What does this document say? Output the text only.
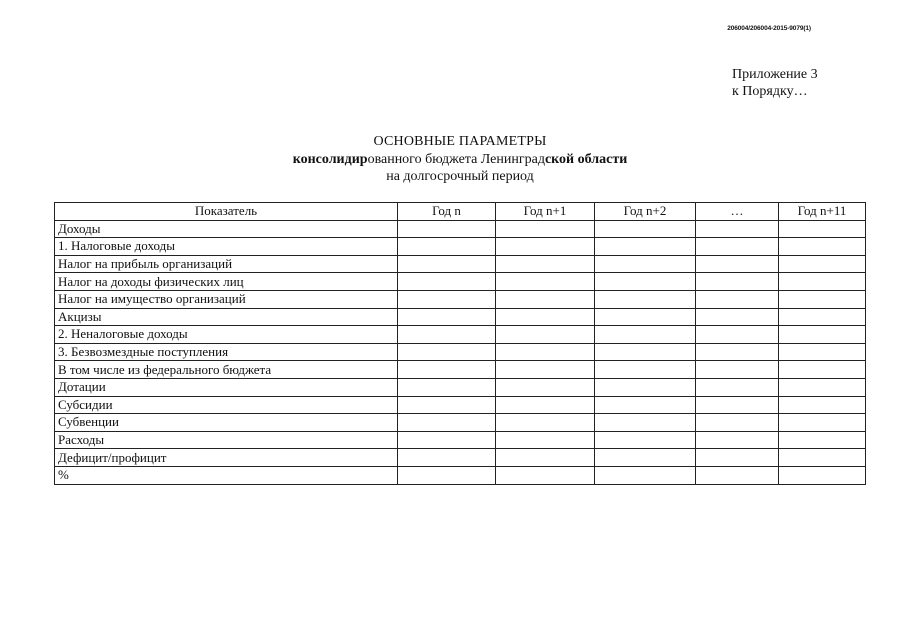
206004/206004-2015-9079(1)
Приложение 3
к Порядку…
ОСНОВНЫЕ ПАРАМЕТРЫ
консолидированного бюджета Ленинградской области
на долгосрочный период
Показатель	Год n	Год n+1	Год n+2	…	Год n+11
Доходы					
1. Налоговые доходы					
Налог на прибыль организаций					
Налог на доходы физических лиц					
Налог на имущество организаций					
Акцизы					
2. Неналоговые доходы					
3. Безвозмездные поступления					
В том числе из федерального бюджета					
Дотации					
Субсидии					
Субвенции					
Расходы					
Дефицит/профицит					
%					
